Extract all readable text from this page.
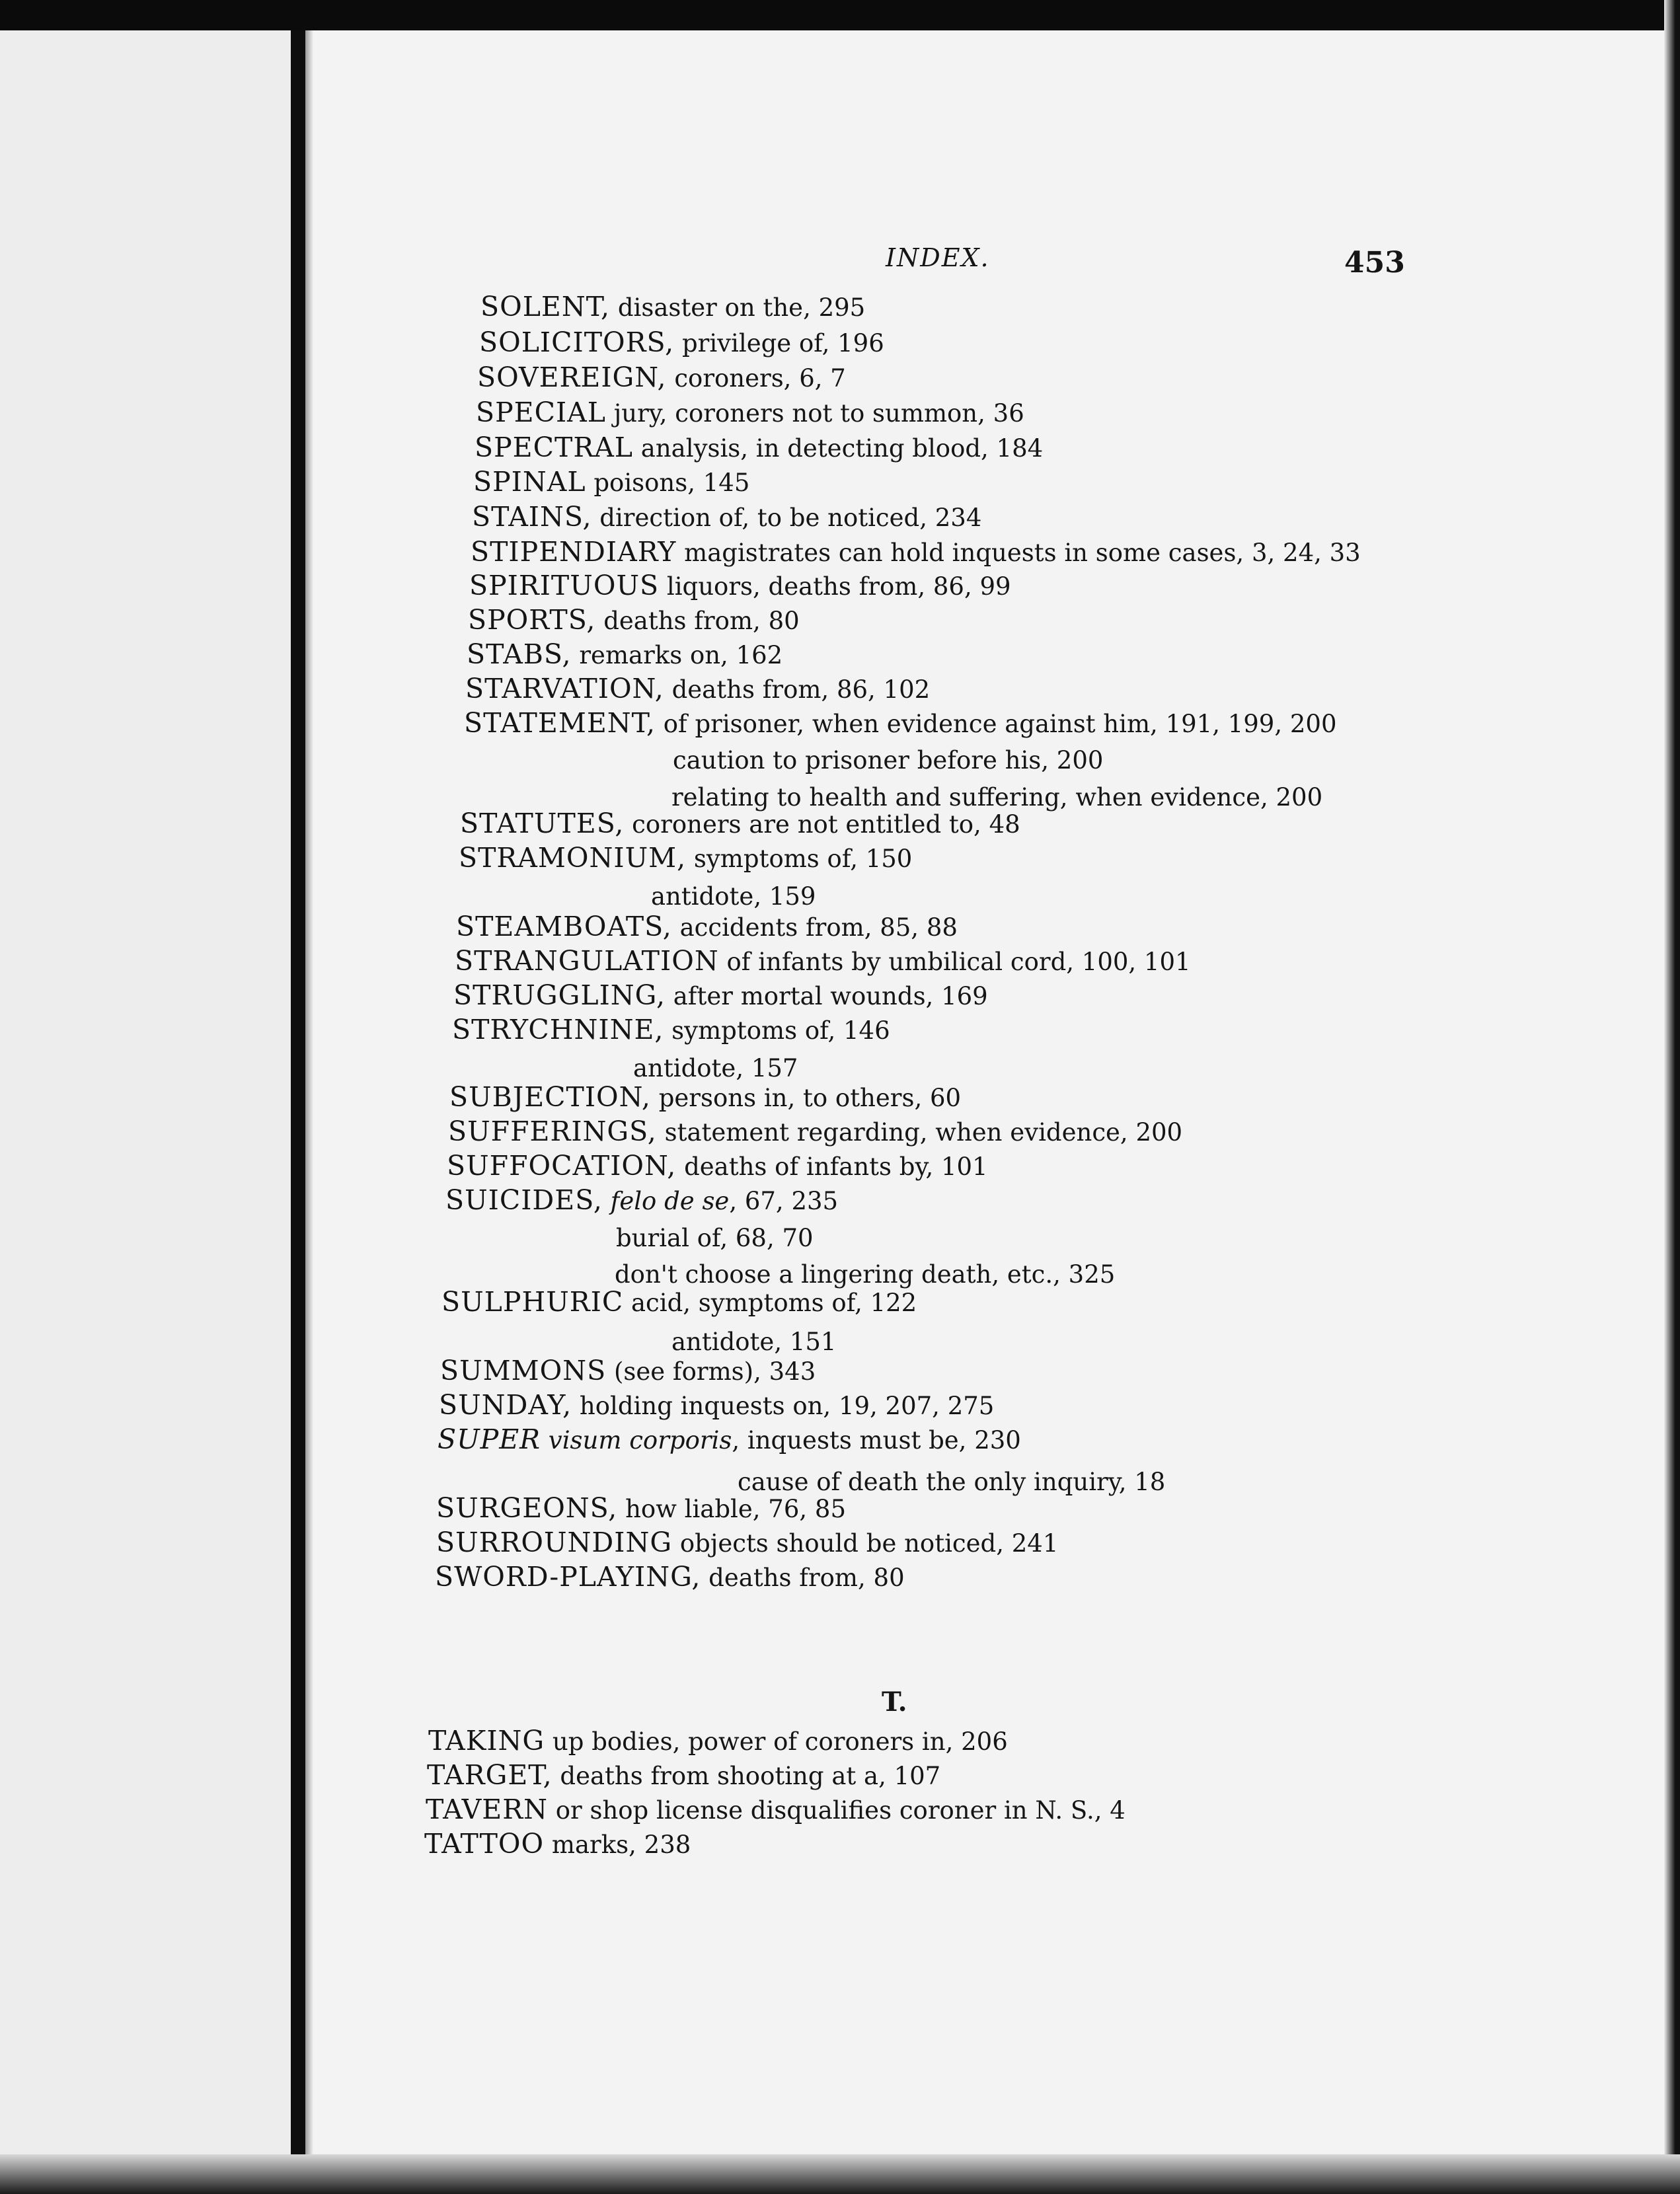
INDEX.	453
SOLENT, disaster on the, 295
SOLICITORS, privilege of, 196
SOVEREIGN, coroners, 6, 7
SPECIAL jury, coroners not to summon, 36
SPECTRAL analysis, in detecting blood, 184
SPINAL poisons, 145
STAINS, direction of, to be noticed, 234
STIPENDIARY magistrates can hold inquests in some cases, 3, 24, 33
SPIRITUOUS liquors, deaths from, 86, 99
SPORTS, deaths from, 80
STABS, remarks on, 162
STARVATION, deaths from, 86, 102
STATEMENT, of prisoner, when evidence against him, 191, 199, 200
caution to prisoner before his, 200
relating to health and suffering, when evidence, 200
STATUTES, coroners are not entitled to, 48
STRAMONIUM, symptoms of, 150
antidote, 159
STEAMBOATS, accidents from, 85, 88
STRANGULATION of infants by umbilical cord, 100, 101
STRUGGLING, after mortal wounds, 169
STRYCHNINE, symptoms of, 146
antidote, 157
SUBJECTION, persons in, to others, 60
SUFFERINGS, statement regarding, when evidence, 200
SUFFOCATION, deaths of infants by, 101
SUICIDES, felo de se, 67, 235
burial of, 68, 70
don't choose a lingering death, etc., 325
SULPHURIC acid, symptoms of, 122
antidote, 151
SUMMONS (see forms), 343
SUNDAY, holding inquests on, 19, 207, 275
SUPER visum corporis, inquests must be, 230
cause of death the only inquiry, 18
SURGEONS, how liable, 76, 85
SURROUNDING objects should be noticed, 241
SWORD-PLAYING, deaths from, 80
T.
TAKING up bodies, power of coroners in, 206
TARGET, deaths from shooting at a, 107
TAVERN or shop license disqualifies coroner in N. S., 4
TATTOO marks, 238
